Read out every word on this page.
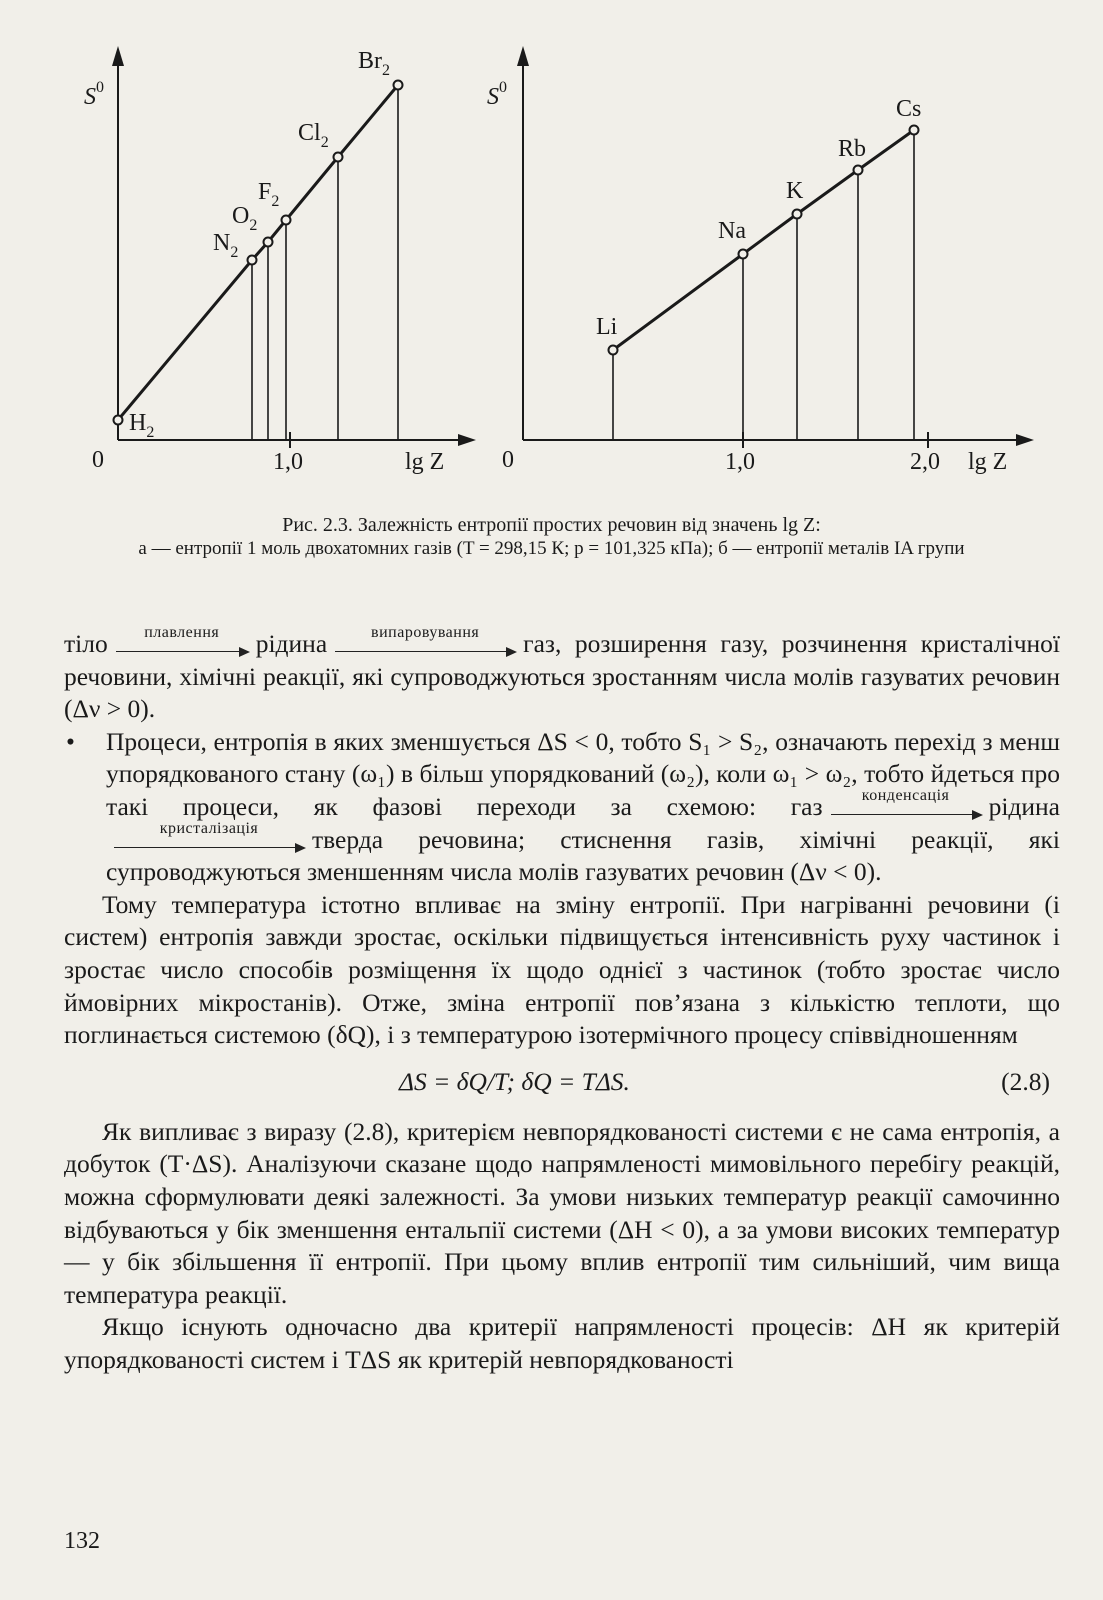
$S^0$
0	1,0	lg Z
$H_2$
$N_2$
$O_2$
$F_2$
$Cl_2$
$Br_2$
$S^0$
0	1,0	2,0 lg Z
Li
Na
K
Rb
Cs
Рис. 2.3. Залежність ентропії простих речовин від значень lg Z:
а — ентропії 1 моль двохатомних газів (T = 298,15 К; p = 101,325 кПа); б — ентропії металів IA групи

тіло	плавлення	рідина	випаровування	газ, розширення газу, розчинення кристалічної речовини, хімічні реакції, які супроводжуються зростанням числа молів газуватих речовин (Δν > 0).

• Процеси, ентропія в яких зменшується ΔS < 0, тобто S₁ > S₂, означають перехід з менш упорядкованого стану (ω₁) в більш упорядкований (ω₂), коли ω₁ > ω₂, тобто йдеться про такі процеси, як фазові переходи за схемою: газ	конденсація	рідина
кристалізація	тверда речовина; стиснення газів, хімічні реакції, які супроводжуються зменшенням числа молів газуватих речовин (Δν < 0).

Тому температура істотно впливає на зміну ентропії. При нагріванні речовини (і систем) ентропія завжди зростає, оскільки підвищується інтенсивність руху частинок і зростає число способів розміщення їх щодо однієї з частинок (тобто зростає число ймовірних мікростанів). Отже, зміна ентропії пов’язана з кількістю теплоти, що поглинається системою (δQ), і з температурою ізотермічного процесу співвідношенням

ΔS = δQ/T; δQ = TΔS.	(2.8)

Як випливає з виразу (2.8), критерієм невпорядкованості системи є не сама ентропія, а добуток (T·ΔS). Аналізуючи сказане щодо напрямленості мимовільного перебігу реакцій, можна сформулювати деякі залежності. За умови низьких температур реакції самочинно відбуваються у бік зменшення ентальпії системи (ΔH < 0), а за умови високих температур — у бік збільшення її ентропії. При цьому вплив ентропії тим сильніший, чим вища температура реакції.

Якщо існують одночасно два критерії напрямленості процесів: ΔH як критерій упорядкованості систем і TΔS як критерій невпорядкованості

132
